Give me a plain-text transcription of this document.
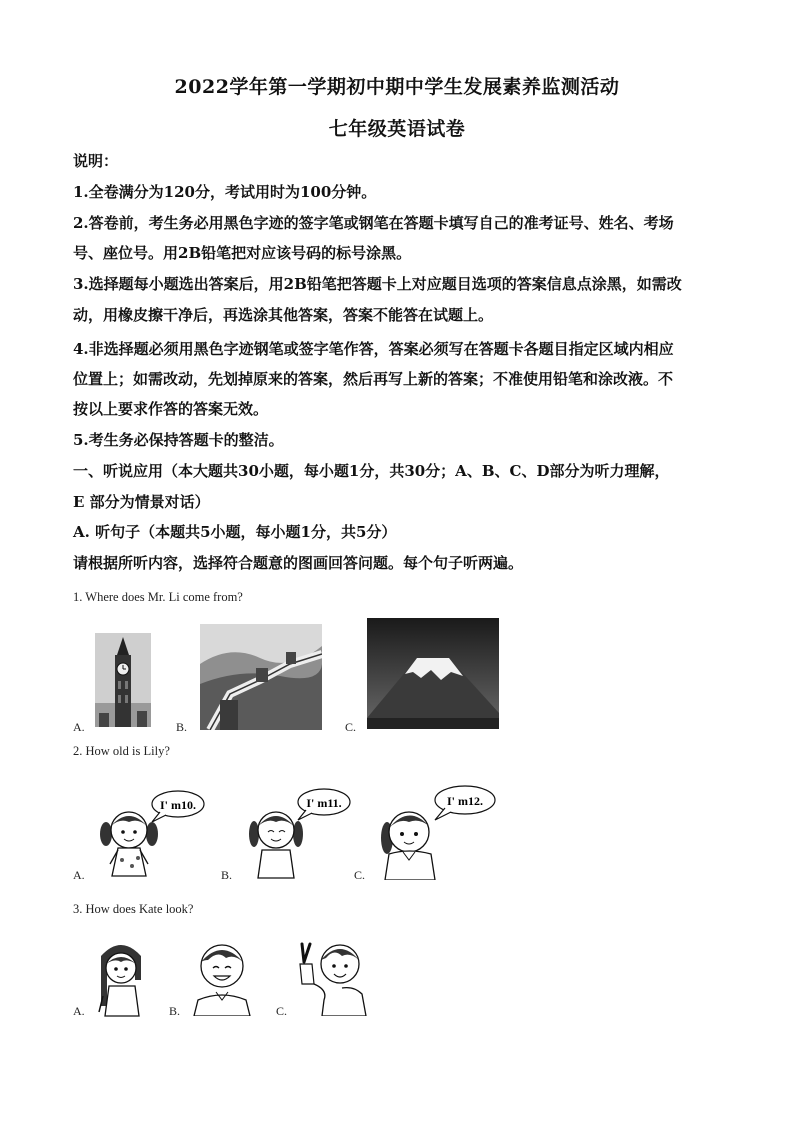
2022学年第一学期初中期中学生发展素养监测活动
七年级英语试卷
说明：
1.全卷满分为120分，考试用时为100分钟。
2.答卷前，考生务必用黑色字迹的签字笔或钢笔在答题卡填写自己的准考证号、姓名、考场
号、座位号。用2B铅笔把对应该号码的标号涂黑。
3.选择题每小题选出答案后，用2B铅笔把答题卡上对应题目选项的答案信息点涂黑，如需改
动，用橡皮擦干净后，再选涂其他答案，答案不能答在试题上。
4.非选择题必须用黑色字迹钢笔或签字笔作答，答案必须写在答题卡各题目指定区域内相应
位置上；如需改动，先划掉原来的答案，然后再写上新的答案；不准使用铅笔和涂改液。不
按以上要求作答的答案无效。
5.考生务必保持答题卡的整洁。
一、听说应用（本大题共30小题，每小题1分，共30分；A、B、C、D部分为听力理解，
E 部分为情景对话）
A. 听句子（本题共5小题，每小题1分，共5分）
请根据所听内容，选择符合题意的图画回答问题。每个句子听两遍。
1. Where does Mr. Li come from?
A.	B.	C.
2. How old is Lily?
A.
I' m10.
B.
I' m11.
C.
I' m12.
3. How does Kate look?
A.	B.	C.
